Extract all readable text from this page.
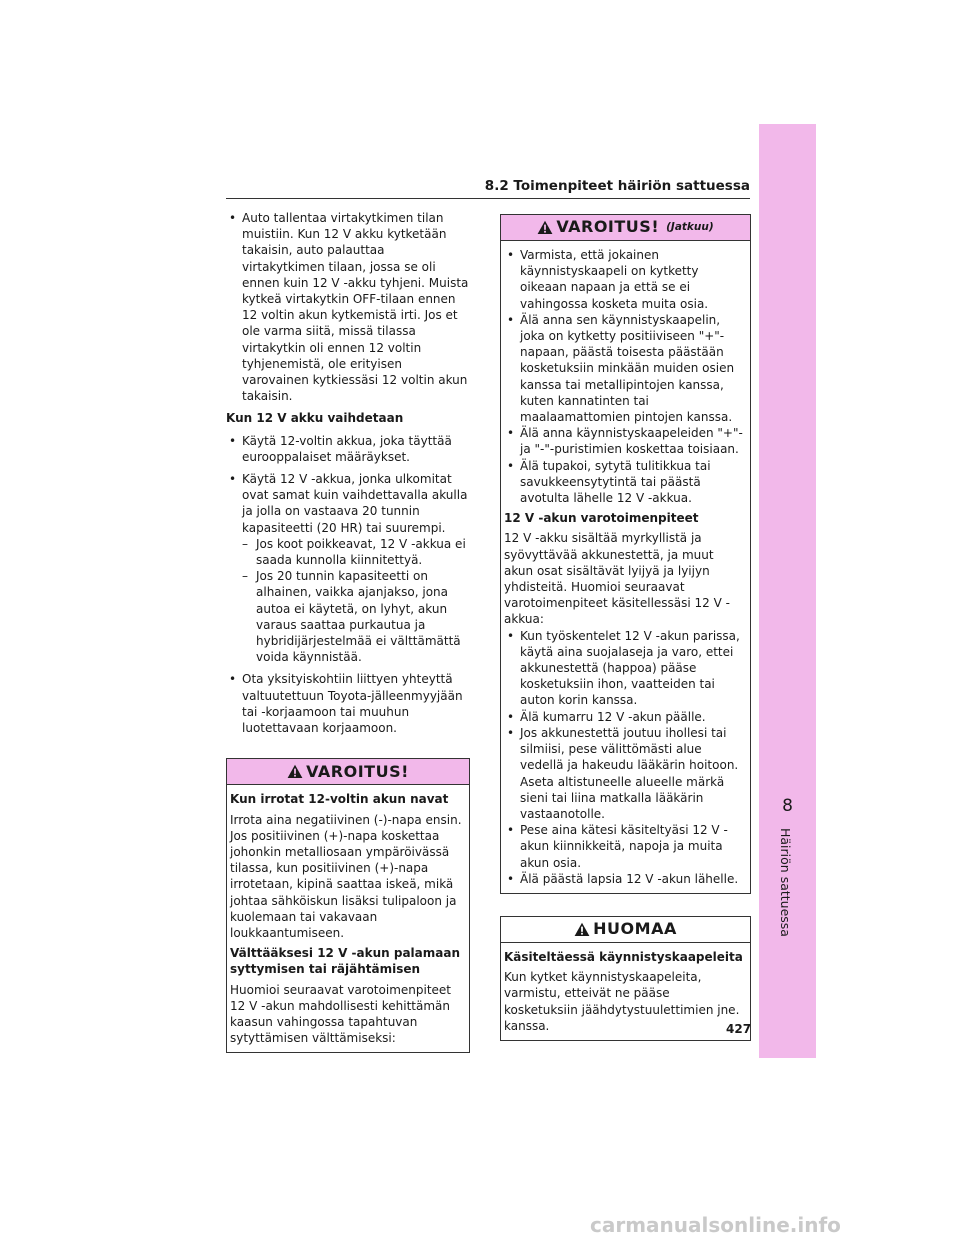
8
Häiriön sattuessa
8.2 Toimenpiteet häiriön sattuessa

• Auto tallentaa virtakytkimen tilan muistiin. Kun 12 V akku kytketään takaisin, auto palauttaa virtakytkimen tilaan, jossa se oli ennen kuin 12 V -akku tyhjeni. Muista kytkeä virtakytkin OFF-tilaan ennen 12 voltin akun kytkemistä irti. Jos et ole varma siitä, missä tilassa virtakytkin oli ennen 12 voltin tyhjenemistä, ole erityisen varovainen kytkiessäsi 12 voltin akun takaisin.

Kun 12 V akku vaihdetaan

• Käytä 12-voltin akkua, joka täyttää eurooppalaiset määräykset.

• Käytä 12 V -akkua, jonka ulkomitat ovat samat kuin vaihdettavalla akulla ja jolla on vastaava 20 tunnin kapasiteetti (20 HR) tai suurempi.

– Jos koot poikkeavat, 12 V -akkua ei saada kunnolla kiinnitettyä.

– Jos 20 tunnin kapasiteetti on alhainen, vaikka ajanjakso, jona autoa ei käytetä, on lyhyt, akun varaus saattaa purkautua ja hybridijärjestelmää ei välttämättä voida käynnistää.

• Ota yksityiskohtiin liittyen yhteyttä valtuutettuun Toyota-jälleenmyyjään tai -korjaamoon tai muuhun luotettavaan korjaamoon.

VAROITUS!

Kun irrotat 12-voltin akun navat

Irrota aina negatiivinen (-)-napa ensin. Jos positiivinen (+)-napa koskettaa johonkin metalliosaan ympäröivässä tilassa, kun positiivinen (+)-napa irrotetaan, kipinä saattaa iskeä, mikä johtaa sähköiskun lisäksi tulipaloon ja kuolemaan tai vakavaan loukkaantumiseen.

Välttääksesi 12 V -akun palamaan syttymisen tai räjähtämisen

Huomioi seuraavat varotoimenpiteet 12 V -akun mahdollisesti kehittämän kaasun vahingossa tapahtuvan sytyttämisen välttämiseksi:

VAROITUS! (Jatkuu)

• Varmista, että jokainen käynnistyskaapeli on kytketty oikeaan napaan ja että se ei vahingossa kosketa muita osia.

• Älä anna sen käynnistyskaapelin, joka on kytketty positiiviseen "+"-napaan, päästä toisesta päästään kosketuksiin minkään muiden osien kanssa tai metallipintojen kanssa, kuten kannatinten tai maalaamattomien pintojen kanssa.

• Älä anna käynnistyskaapeleiden "+"- ja "-"-puristimien koskettaa toisiaan.

• Älä tupakoi, sytytä tulitikkua tai savukkeensytytintä tai päästä avotulta lähelle 12 V -akkua.

12 V -akun varotoimenpiteet

12 V -akku sisältää myrkyllistä ja syövyttävää akkunestettä, ja muut akun osat sisältävät lyijyä ja lyijyn yhdisteitä. Huomioi seuraavat varotoimenpiteet käsitellessäsi 12 V -akkua:

• Kun työskentelet 12 V -akun parissa, käytä aina suojalaseja ja varo, ettei akkunestettä (happoa) pääse kosketuksiin ihon, vaatteiden tai auton korin kanssa.

• Älä kumarru 12 V -akun päälle.

• Jos akkunestettä joutuu ihollesi tai silmiisi, pese välittömästi alue vedellä ja hakeudu lääkärin hoitoon. Aseta altistuneelle alueelle märkä sieni tai liina matkalla lääkärin vastaanotolle.

• Pese aina kätesi käsiteltyäsi 12 V -akun kiinnikkeitä, napoja ja muita akun osia.

• Älä päästä lapsia 12 V -akun lähelle.

HUOMAA

Käsiteltäessä käynnistyskaapeleita

Kun kytket käynnistyskaapeleita, varmistu, etteivät ne pääse kosketuksiin jäähdytystuulettimien jne. kanssa.	427
carmanualsonline.info
